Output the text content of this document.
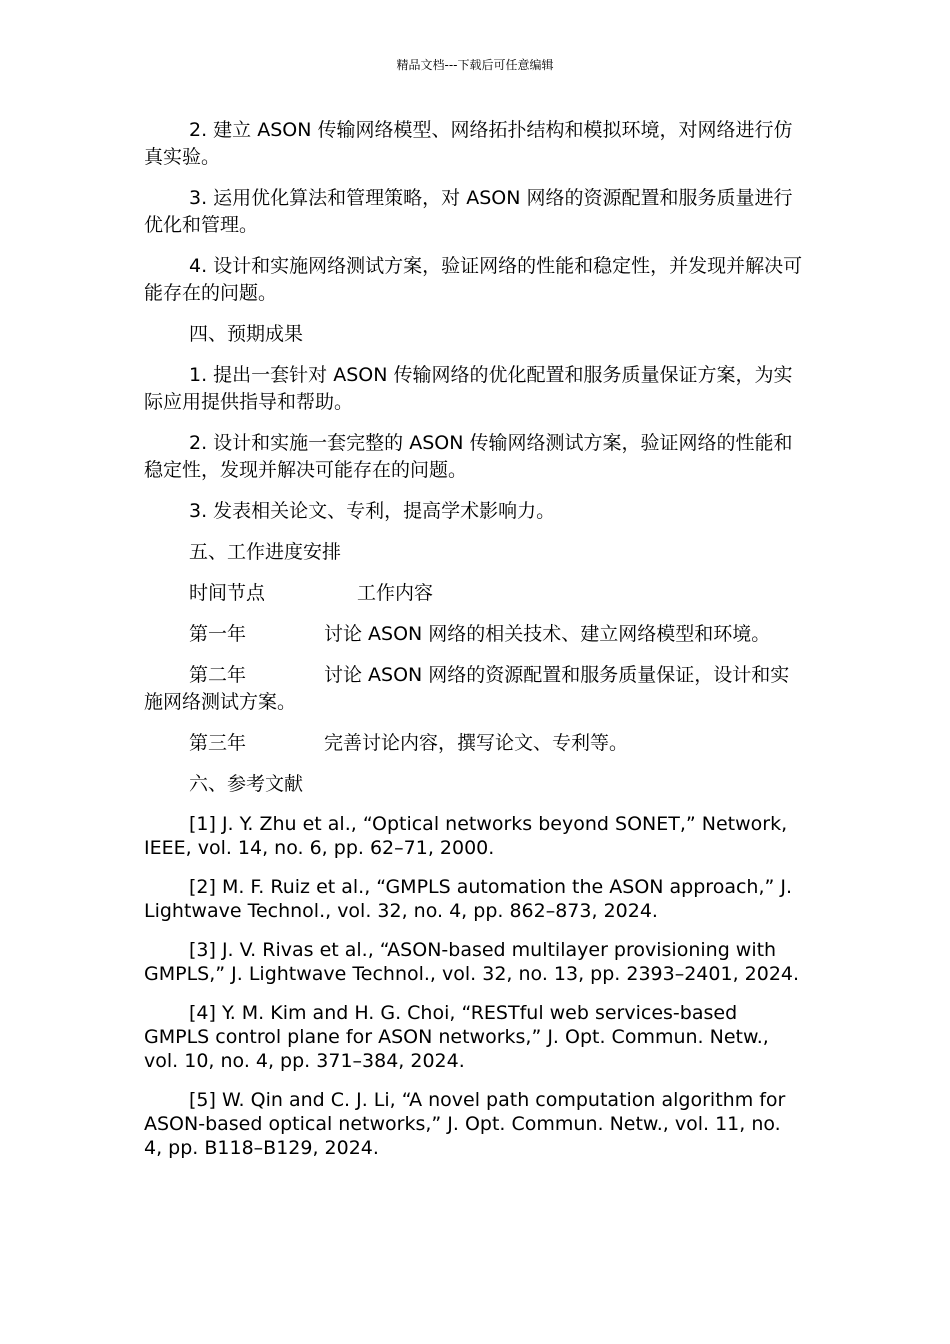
精品文档---下载后可任意编辑

2. 建立 ASON 传输网络模型、网络拓扑结构和模拟环境，对网络进行仿真实验。

3. 运用优化算法和管理策略，对 ASON 网络的资源配置和服务质量进行优化和管理。

4. 设计和实施网络测试方案，验证网络的性能和稳定性，并发现并解决可能存在的问题。

四、预期成果

1. 提出一套针对 ASON 传输网络的优化配置和服务质量保证方案，为实际应用提供指导和帮助。

2. 设计和实施一套完整的 ASON 传输网络测试方案，验证网络的性能和稳定性，发现并解决可能存在的问题。

3. 发表相关论文、专利，提高学术影响力。

五、工作进度安排

时间节点	工作内容

第一年	讨论 ASON 网络的相关技术、建立网络模型和环境。

第二年	讨论 ASON 网络的资源配置和服务质量保证，设计和实施网络测试方案。

第三年	完善讨论内容，撰写论文、专利等。

六、参考文献

[1] J. Y. Zhu et al., “Optical networks beyond SONET,” Network, IEEE, vol. 14, no. 6, pp. 62–71, 2000.

[2] M. F. Ruiz et al., “GMPLS automation the ASON approach,” J. Lightwave Technol., vol. 32, no. 4, pp. 862–873, 2024.

[3] J. V. Rivas et al., “ASON-based multilayer provisioning with GMPLS,” J. Lightwave Technol., vol. 32, no. 13, pp. 2393–2401, 2024.

[4] Y. M. Kim and H. G. Choi, “RESTful web services-based GMPLS control plane for ASON networks,” J. Opt. Commun. Netw., vol. 10, no. 4, pp. 371–384, 2024.

[5] W. Qin and C. J. Li, “A novel path computation algorithm for ASON-based optical networks,” J. Opt. Commun. Netw., vol. 11, no. 4, pp. B118–B129, 2024.
